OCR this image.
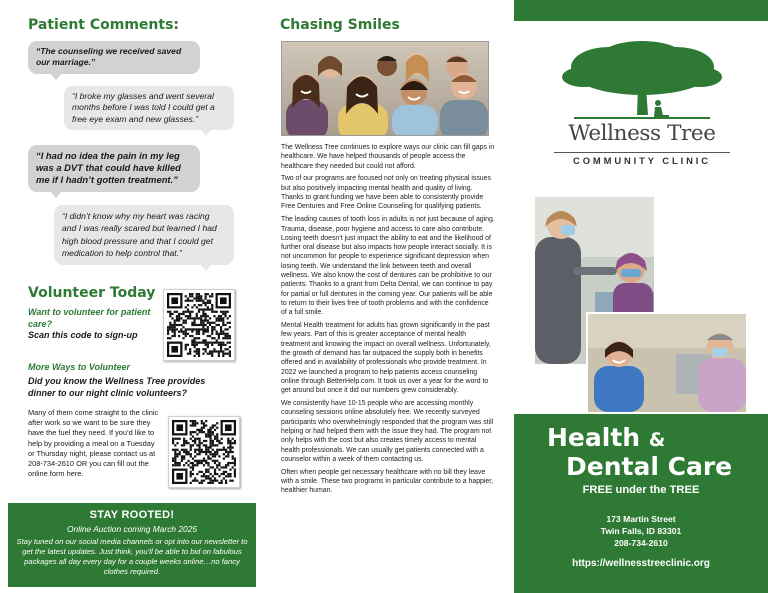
Patient Comments:
“The counseling we received saved our marriage.”
“I broke my glasses and went several months before I was told I could get a free eye exam and new glasses.”
“I had no idea the pain in my leg was a DVT that could have killed me if I hadn’t gotten treatment.”
“I didn’t know why my heart was racing and I was really scared but learned I had high blood pressure and that I could get medication to help control that.”
Volunteer Today
Want to volunteer for patient care?
Scan this code to sign-up
More Ways to Volunteer
Did you know the Wellness Tree provides dinner to our night clinic volunteers?
Many of them come straight to the clinic after work so we want to be sure they have the fuel they need. If you’d like to help by providing a meal on a Tuesday or Thursday night, please contact us at 208-734-2610 OR you can fill out the online form here.
STAY ROOTED!
Online Auction coming March 2025
Stay tuned on our social media channels or opt into our newsletter to get the latest updates. Just think, you’ll be able to bid on fabulous packages all day every day for a couple weeks online…no fancy clothes required.
Chasing Smiles

The Wellness Tree continues to explore ways our clinic can fill gaps in healthcare. We have helped thousands of people access the healthcare they needed but could not afford.

Two of our programs are focused not only on treating physical issues but also positively impacting mental health and quality of living. Thanks to grant funding we have been able to consistently provide Free Dentures and Free Online Counseling for qualifying patients.

The leading causes of tooth loss in adults is not just because of aging. Trauma, disease, poor hygiene and access to care also contribute. Losing teeth doesn’t just impact the ability to eat and the likelihood of further oral disease but also impacts how people interact socially. It is not uncommon for people to experience significant depression when losing teeth. We understand the link between teeth and overall wellness. We also know the cost of dentures can be prohibitive to our patients. Thanks to a grant from Delta Dental, we can continue to pay for partial or full dentures in the coming year. Our patients will be able to return to their lives free of tooth problems and with the confidence of a full smile.

Mental Health treatment for adults has grown significantly in the past few years. Part of this is greater acceptance of mental health treatment and knowing the impact on overall wellness. Unfortunately, the growth of demand has far outpaced the supply both in benefits offered and in availability of professionals who provide treatment. In 2022 we launched a program to help patients access counseling online through BetterHelp.com. It took us over a year for the word to get around but once it did our numbers grew considerably.

We consistently have 10-15 people who are accessing monthly counseling sessions online absolutely free. We recently surveyed participants who overwhelmingly responded that the program was still helping or had helped them with the issue they had. The program not only helps with the cost but also creates timely access to mental health professionals. We can usually get patients connected with a counselor within a week of them contacting us.

Often when people get necessary healthcare with no bill they leave with a smile. These two programs in particular contribute to a happier, healthier human.

Wellness Tree
COMMUNITY CLINIC
Health &
Dental Care
FREE under the TREE
173 Martin Street
Twin Falls, ID 83301
208-734-2610
https://wellnesstreeclinic.org
